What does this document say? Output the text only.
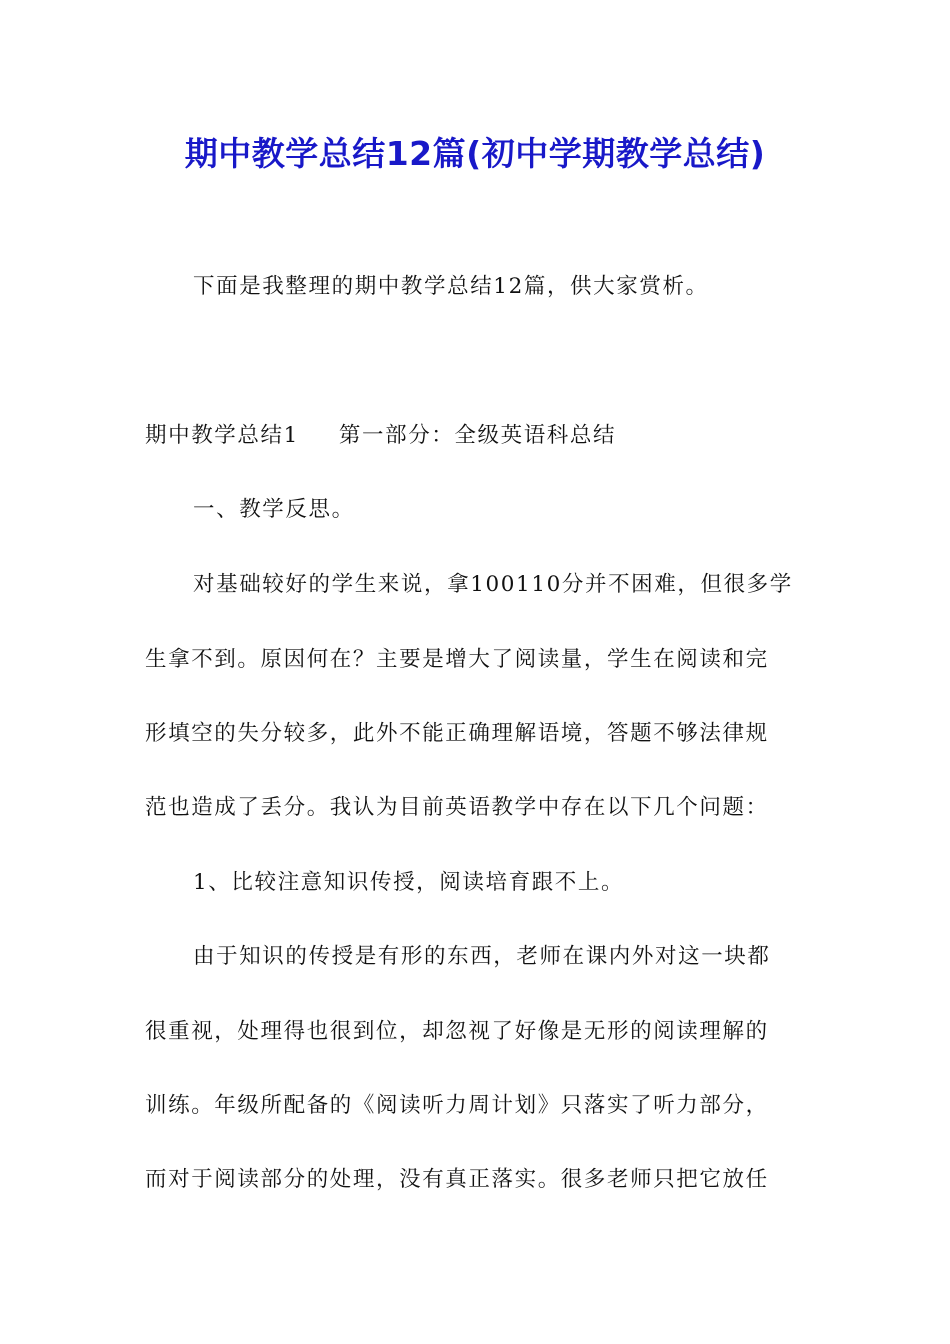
期中教学总结12篇(初中学期教学总结)
下面是我整理的期中教学总结12篇，供大家赏析。
期中教学总结1 第一部分：全级英语科总结
一、教学反思。
对基础较好的学生来说，拿100110分并不困难，但很多学
生拿不到。原因何在？主要是增大了阅读量，学生在阅读和完
形填空的失分较多，此外不能正确理解语境，答题不够法律规
范也造成了丢分。我认为目前英语教学中存在以下几个问题：
1、比较注意知识传授，阅读培育跟不上。
由于知识的传授是有形的东西，老师在课内外对这一块都
很重视，处理得也很到位，却忽视了好像是无形的阅读理解的
训练。年级所配备的《阅读听力周计划》只落实了听力部分，
而对于阅读部分的处理，没有真正落实。很多老师只把它放任
